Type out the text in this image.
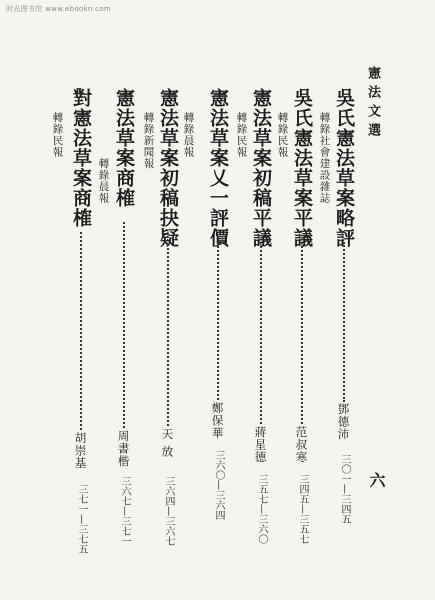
时光图书馆 www.ebookn.com
憲法文選
六
吳氏憲法草案略評
轉錄社會建設雜誌
鄧德沛
三〇一—三四五
吳氏憲法草案平議
轉錄民報
范叔寒
三四五—三五七
憲法草案初稿平議
轉錄民報
蔣星德
三五七—三六〇
憲法草案乂一評價
鄭保華
三六〇—三六四
憲法草案初稿抉疑 轉錄晨報
天 放
三六四—三六七
憲法草案商榷 轉錄新聞報
周書楷
三六七—三七一
對憲法草案商榷 轉錄晨報
胡崇基
三七一—三七五
轉錄民報
